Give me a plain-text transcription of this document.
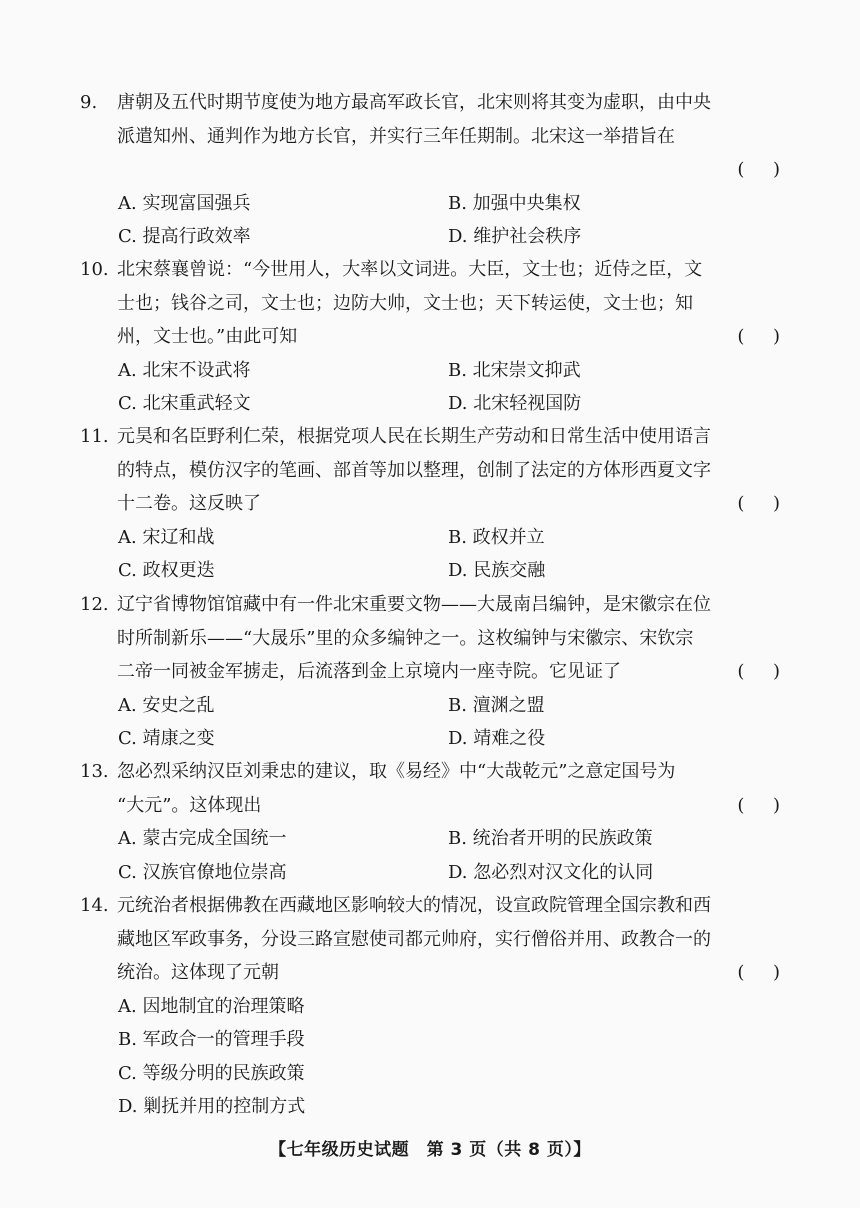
9. 唐朝及五代时期节度使为地方最高军政长官，北宋则将其变为虚职，由中央
派遣知州、通判作为地方长官，并实行三年任期制。北宋这一举措旨在
(     )
A. 实现富国强兵	B. 加强中央集权
C. 提高行政效率	D. 维护社会秩序
10. 北宋蔡襄曾说：“今世用人，大率以文词进。大臣，文士也；近侍之臣，文
士也；钱谷之司，文士也；边防大帅，文士也；天下转运使，文士也；知
州，文士也。”由此可知	(     )
A. 北宋不设武将	B. 北宋崇文抑武
C. 北宋重武轻文	D. 北宋轻视国防
11. 元昊和名臣野利仁荣，根据党项人民在长期生产劳动和日常生活中使用语言
的特点，模仿汉字的笔画、部首等加以整理，创制了法定的方体形西夏文字
十二卷。这反映了	(     )
A. 宋辽和战	B. 政权并立
C. 政权更迭	D. 民族交融
12. 辽宁省博物馆馆藏中有一件北宋重要文物——大晟南吕编钟，是宋徽宗在位
时所制新乐——“大晟乐”里的众多编钟之一。这枚编钟与宋徽宗、宋钦宗
二帝一同被金军掳走，后流落到金上京境内一座寺院。它见证了	(     )
A. 安史之乱	B. 澶渊之盟
C. 靖康之变	D. 靖难之役
13. 忽必烈采纳汉臣刘秉忠的建议，取《易经》中“大哉乾元”之意定国号为
“大元”。这体现出	(     )
A. 蒙古完成全国统一	B. 统治者开明的民族政策
C. 汉族官僚地位崇高	D. 忽必烈对汉文化的认同
14. 元统治者根据佛教在西藏地区影响较大的情况，设宣政院管理全国宗教和西
藏地区军政事务，分设三路宣慰使司都元帅府，实行僧俗并用、政教合一的
统治。这体现了元朝	(     )
A. 因地制宜的治理策略
B. 军政合一的管理手段
C. 等级分明的民族政策
D. 剿抚并用的控制方式
【七年级历史试题　第 3 页（共 8 页）】
